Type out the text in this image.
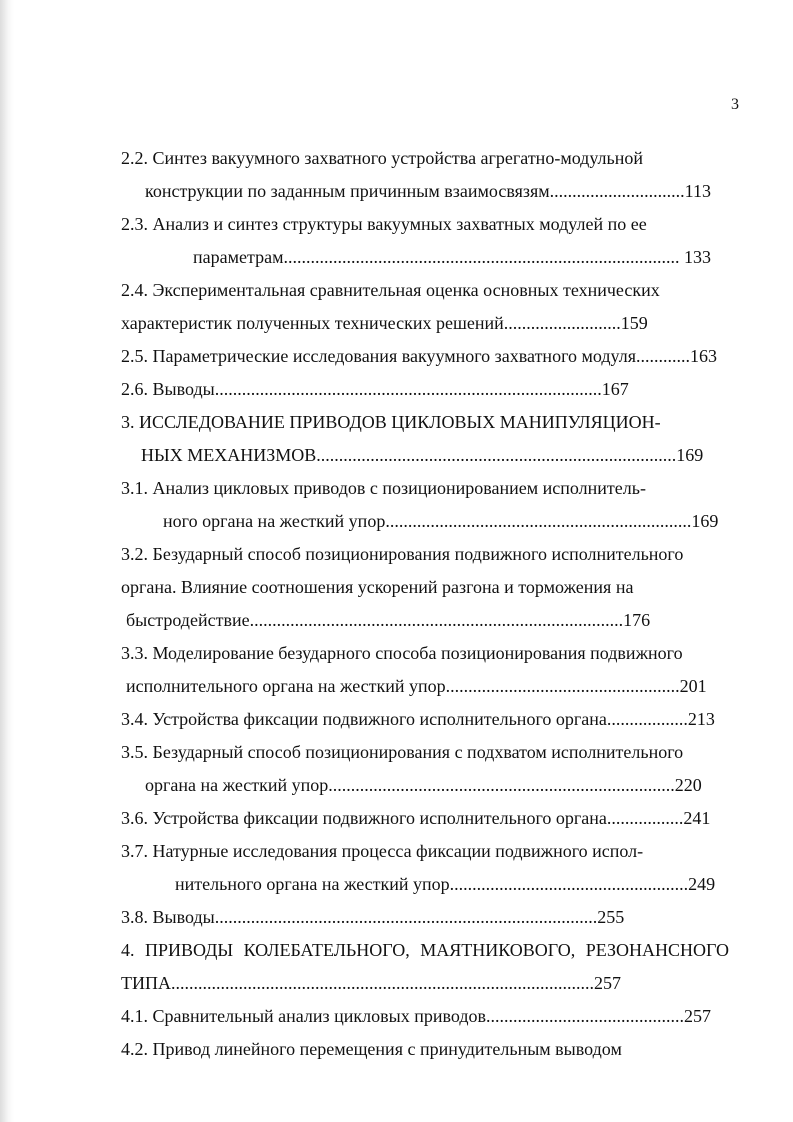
3
2.2. Синтез вакуумного захватного устройства агрегатно-модульной
конструкции по заданным причинным взаимосвязям..............................113
2.3. Анализ и синтез структуры вакуумных захватных модулей по ее
параметрам........................................................................................ 133
2.4. Экспериментальная сравнительная оценка основных технических
характеристик полученных технических решений..........................159
2.5. Параметрические исследования вакуумного захватного модуля............163
2.6. Выводы......................................................................................167
3. ИССЛЕДОВАНИЕ ПРИВОДОВ ЦИКЛОВЫХ МАНИПУЛЯЦИОН-
НЫХ МЕХАНИЗМОВ................................................................................169
3.1. Анализ цикловых приводов с позиционированием исполнитель-
ного органа на жесткий упор....................................................................169
3.2. Безударный способ позиционирования подвижного исполнительного
органа. Влияние соотношения ускорений разгона и торможения на
быстродействие...................................................................................176
3.3. Моделирование безударного способа позиционирования подвижного
исполнительного органа на жесткий упор....................................................201
3.4. Устройства фиксации подвижного исполнительного органа..................213
3.5. Безударный способ позиционирования с подхватом исполнительного
органа на жесткий упор.............................................................................220
3.6. Устройства фиксации подвижного исполнительного органа.................241
3.7. Натурные исследования процесса фиксации подвижного испол-
нительного органа на жесткий упор.....................................................249
3.8. Выводы.....................................................................................255
4. ПРИВОДЫ КОЛЕБАТЕЛЬНОГО, МАЯТНИКОВОГО, РЕЗОНАНСНОГО
ТИПА..............................................................................................257
4.1. Сравнительный анализ цикловых приводов............................................257
4.2. Привод линейного перемещения с принудительным выводом
